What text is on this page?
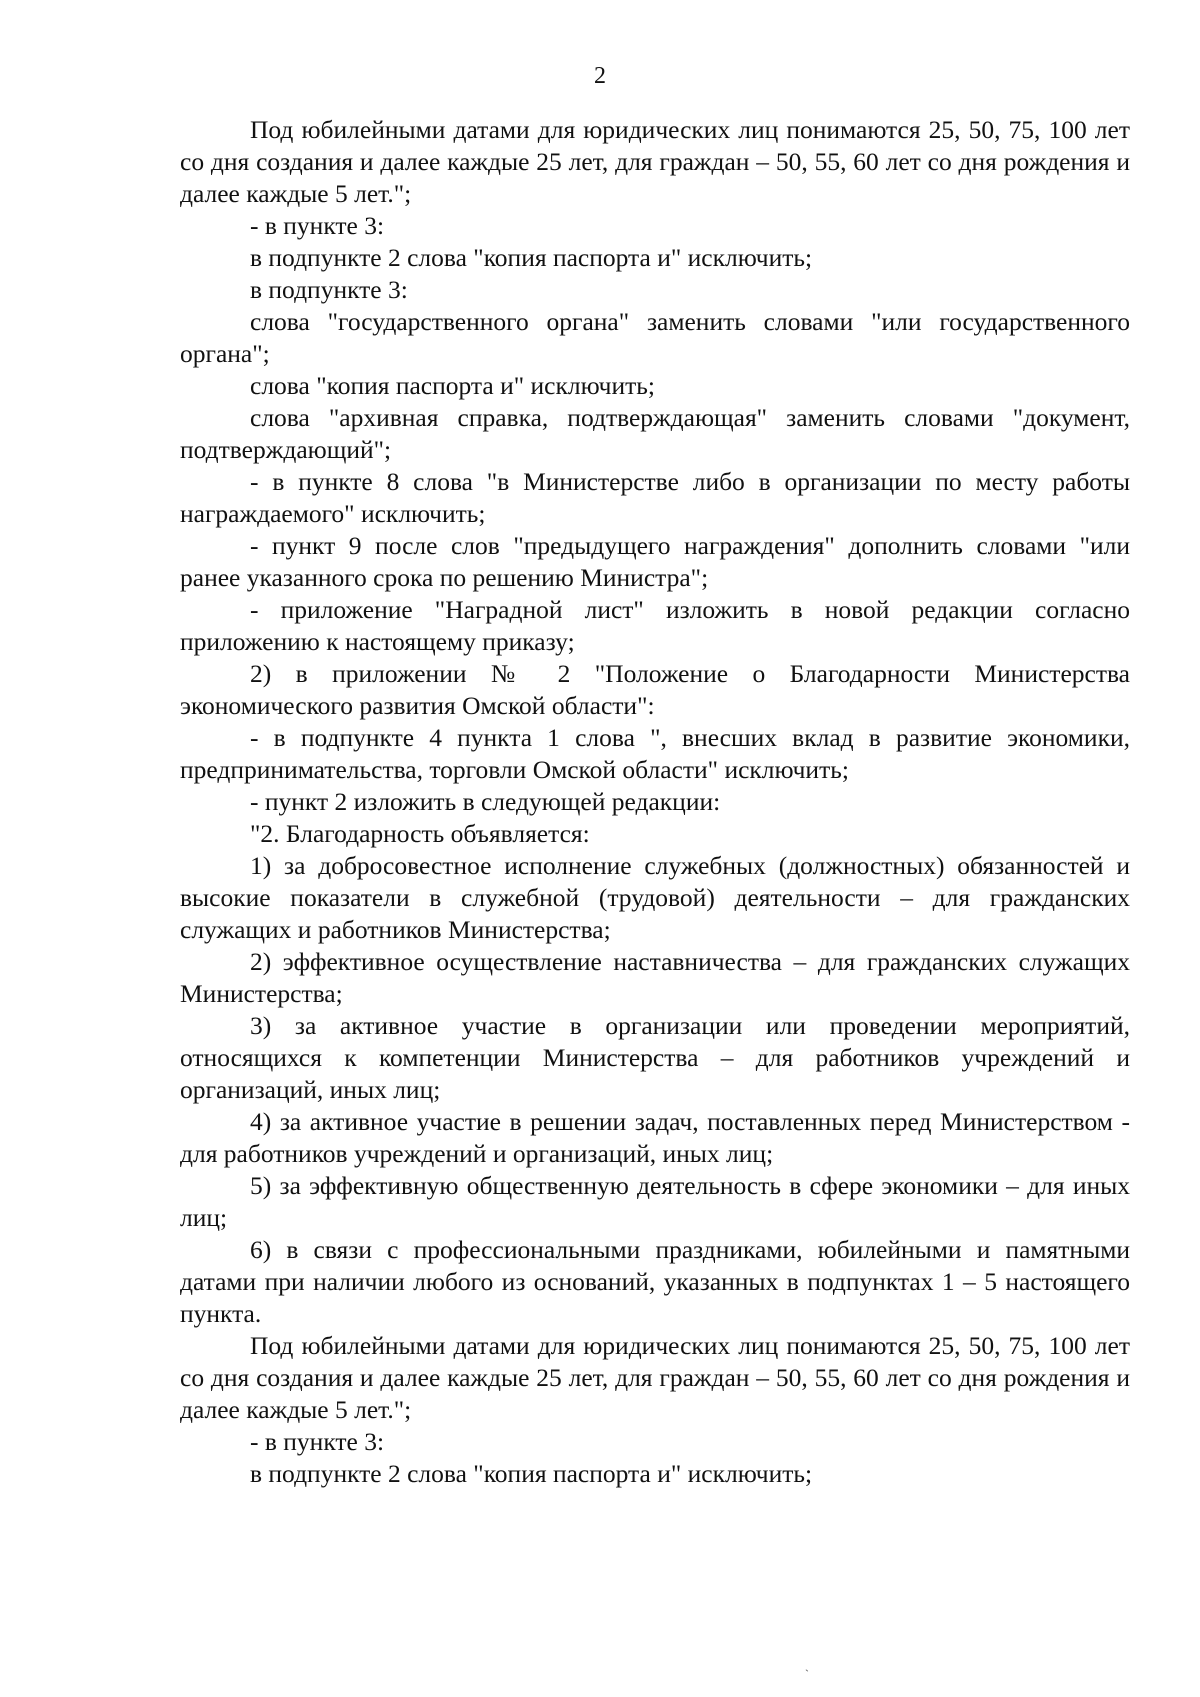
2

Под юбилейными датами для юридических лиц понимаются 25, 50, 75, 100 лет со дня создания и далее каждые 25 лет, для граждан – 50, 55, 60 лет со дня рождения и далее каждые 5 лет.";

- в пункте 3:

в подпункте 2 слова "копия паспорта и" исключить;

в подпункте 3:

слова "государственного органа" заменить словами "или государственного органа";

слова "копия паспорта и" исключить;

слова "архивная справка, подтверждающая" заменить словами "документ, подтверждающий";

- в пункте 8 слова "в Министерстве либо в организации по месту работы награждаемого" исключить;

- пункт 9 после слов "предыдущего награждения" дополнить словами "или ранее указанного срока по решению Министра";

- приложение "Наградной лист" изложить в новой редакции согласно приложению к настоящему приказу;

2) в приложении № 2 "Положение о Благодарности Министерства экономического развития Омской области":

- в подпункте 4 пункта 1 слова ", внесших вклад в развитие экономики, предпринимательства, торговли Омской области" исключить;

- пункт 2 изложить в следующей редакции:

"2. Благодарность объявляется:

1) за добросовестное исполнение служебных (должностных) обязанностей и высокие показатели в служебной (трудовой) деятельности – для гражданских служащих и работников Министерства;

2) эффективное осуществление наставничества – для гражданских служащих Министерства;

3) за активное участие в организации или проведении мероприятий, относящихся к компетенции Министерства – для работников учреждений и организаций, иных лиц;

4) за активное участие в решении задач, поставленных перед Министерством - для работников учреждений и организаций, иных лиц;

5) за эффективную общественную деятельность в сфере экономики – для иных лиц;

6) в связи с профессиональными праздниками, юбилейными и памятными датами при наличии любого из оснований, указанных в подпунктах 1 – 5 настоящего пункта.

Под юбилейными датами для юридических лиц понимаются 25, 50, 75, 100 лет со дня создания и далее каждые 25 лет, для граждан – 50, 55, 60 лет со дня рождения и далее каждые 5 лет.";

- в пункте 3:

в подпункте 2 слова "копия паспорта и" исключить;

ˎ
